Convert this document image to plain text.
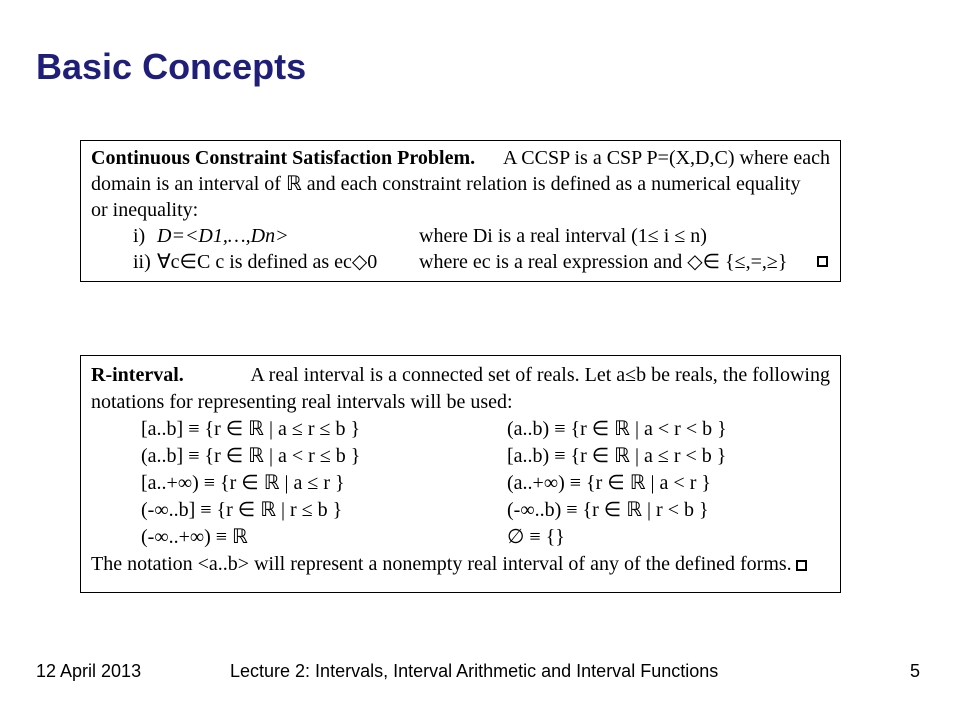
Basic Concepts
Continuous Constraint Satisfaction Problem. A CCSP is a CSP P=(X,D,C) where each
domain is an interval of ℝ and each constraint relation is defined as a numerical equality
or inequality:
i) D=<D1,…,Dn>	where Di is a real interval (1≤ i ≤ n)
ii) ∀c∈C c is defined as ec◇0 where ec is a real expression and ◇∈ {≤,=,≥}
R-interval.	A real interval is a connected set of reals. Let a≤b be reals, the following
notations for representing real intervals will be used:
[a..b] ≡ {r ∈ ℝ | a ≤ r ≤ b }	(a..b) ≡ {r ∈ ℝ | a < r < b }
(a..b] ≡ {r ∈ ℝ | a < r ≤ b }	[a..b) ≡ {r ∈ ℝ | a ≤ r < b }
[a..+∞) ≡ {r ∈ ℝ | a ≤ r }	(a..+∞) ≡ {r ∈ ℝ | a < r }
(-∞..b] ≡ {r ∈ ℝ | r ≤ b }	(-∞..b) ≡ {r ∈ ℝ | r < b }
(-∞..+∞) ≡ ℝ	∅ ≡ {}
The notation <a..b> will represent a nonempty real interval of any of the defined forms.
12 April 2013	Lecture 2: Intervals, Interval Arithmetic and Interval Functions	5
